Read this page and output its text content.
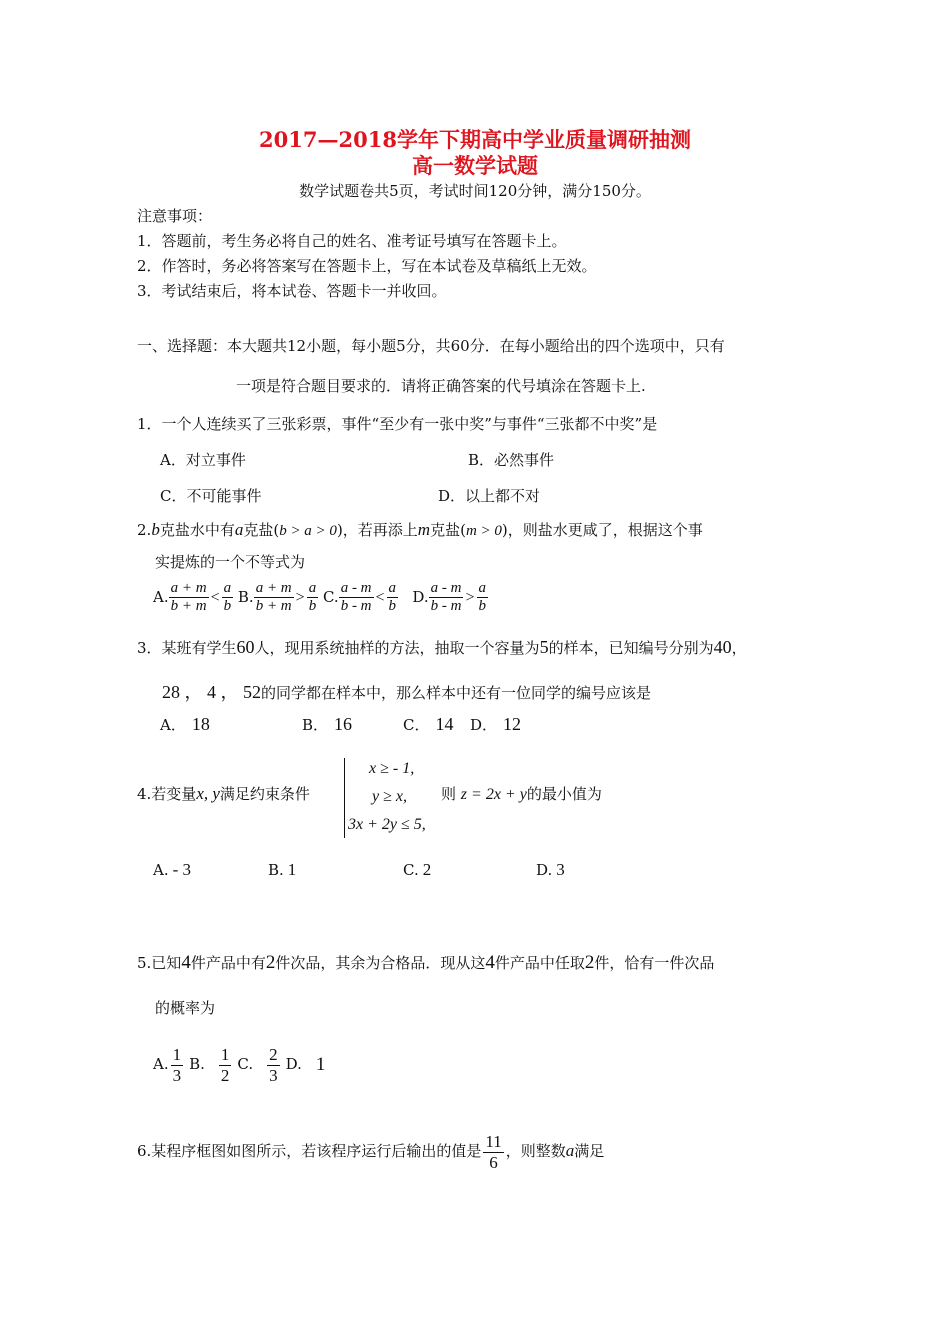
2017—2018学年下期高中学业质量调研抽测
高一数学试题
数学试题卷共5页，考试时间120分钟，满分150分。
注意事项：
1．答题前，考生务必将自己的姓名、准考证号填写在答题卡上。
2．作答时，务必将答案写在答题卡上，写在本试卷及草稿纸上无效。
3．考试结束后，将本试卷、答题卡一并收回。
一、选择题：本大题共12小题，每小题5分，共60分．在每小题给出的四个选项中，只有
一项是符合题目要求的．请将正确答案的代号填涂在答题卡上.
1．一个人连续买了三张彩票，事件“至少有一张中奖”与事件“三张都不中奖”是
A．对立事件	B．必然事件
C．不可能事件	D．以上都不对
2.b克盐水中有a克盐(b > a > 0)，若再添上m克盐(m > 0)，则盐水更咸了，根据这个事
实提炼的一个不等式为
A. $\frac{a + m}{b + m} < \frac{a}{b} B$. $\frac{a + m}{b + m} > \frac{a}{b} C$. $\frac{a - m}{b - m} < \frac{a}{b} D$. $\frac{a - m}{b - m} > \frac{a}{b}$
3．某班有学生60人，现用系统抽样的方法，抽取一个容量为5的样本，已知编号分别为40，
28 ， 4 ， 52的同学都在样本中，那么样本中还有一位同学的编号应该是
A． 18	B． 16	C． 14 D． 12
4.若变量x, y满足约束条件
x ≥ - 1,
y ≥ x,
3x + 2y ≤ 5,
则 z = 2x + y的最小值为
A. - 3	B. 1	C. 2	D. 3
5.已知4件产品中有2件次品，其余为合格品．现从这4件产品中任取2件，恰有一件次品
的概率为
A. $\frac{1}{3} B$. $\frac{1}{2} C$. $\frac{2}{3} D$. 1
6.某程序框图如图所示，若该程序运行后输出的值是 $\frac{11}{6}$ ，则整数a满足
